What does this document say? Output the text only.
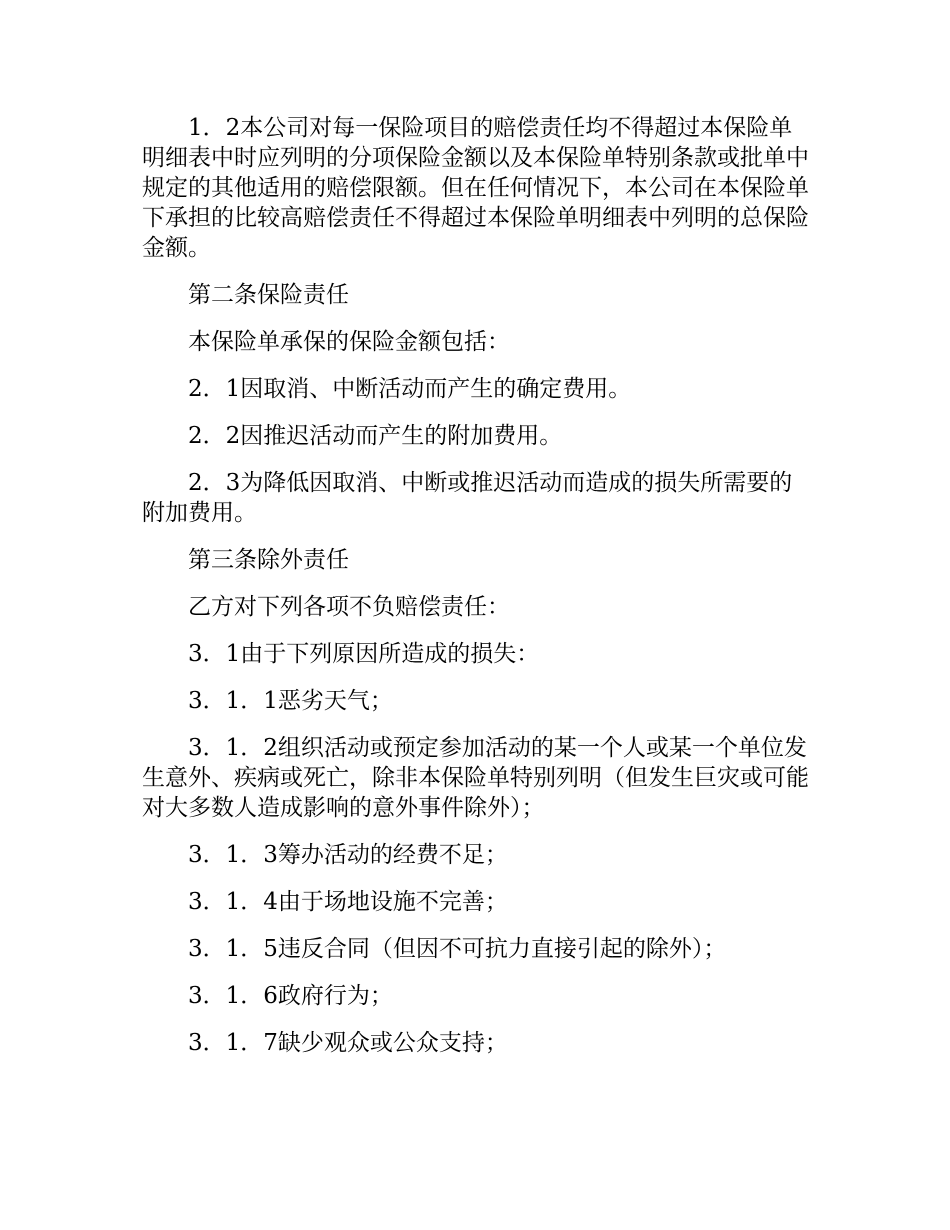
1．2本公司对每一保险项目的赔偿责任均不得超过本保险单明细表中时应列明的分项保险金额以及本保险单特别条款或批单中规定的其他适用的赔偿限额。但在任何情况下，本公司在本保险单下承担的比较高赔偿责任不得超过本保险单明细表中列明的总保险金额。

第二条保险责任

本保险单承保的保险金额包括：

2．1因取消、中断活动而产生的确定费用。

2．2因推迟活动而产生的附加费用。

2．3为降低因取消、中断或推迟活动而造成的损失所需要的附加费用。

第三条除外责任

乙方对下列各项不负赔偿责任：

3．1由于下列原因所造成的损失：

3．1．1恶劣天气；

3．1．2组织活动或预定参加活动的某一个人或某一个单位发生意外、疾病或死亡，除非本保险单特别列明（但发生巨灾或可能对大多数人造成影响的意外事件除外）；

3．1．3筹办活动的经费不足；

3．1．4由于场地设施不完善；

3．1．5违反合同（但因不可抗力直接引起的除外）；

3．1．6政府行为；

3．1．7缺少观众或公众支持；
